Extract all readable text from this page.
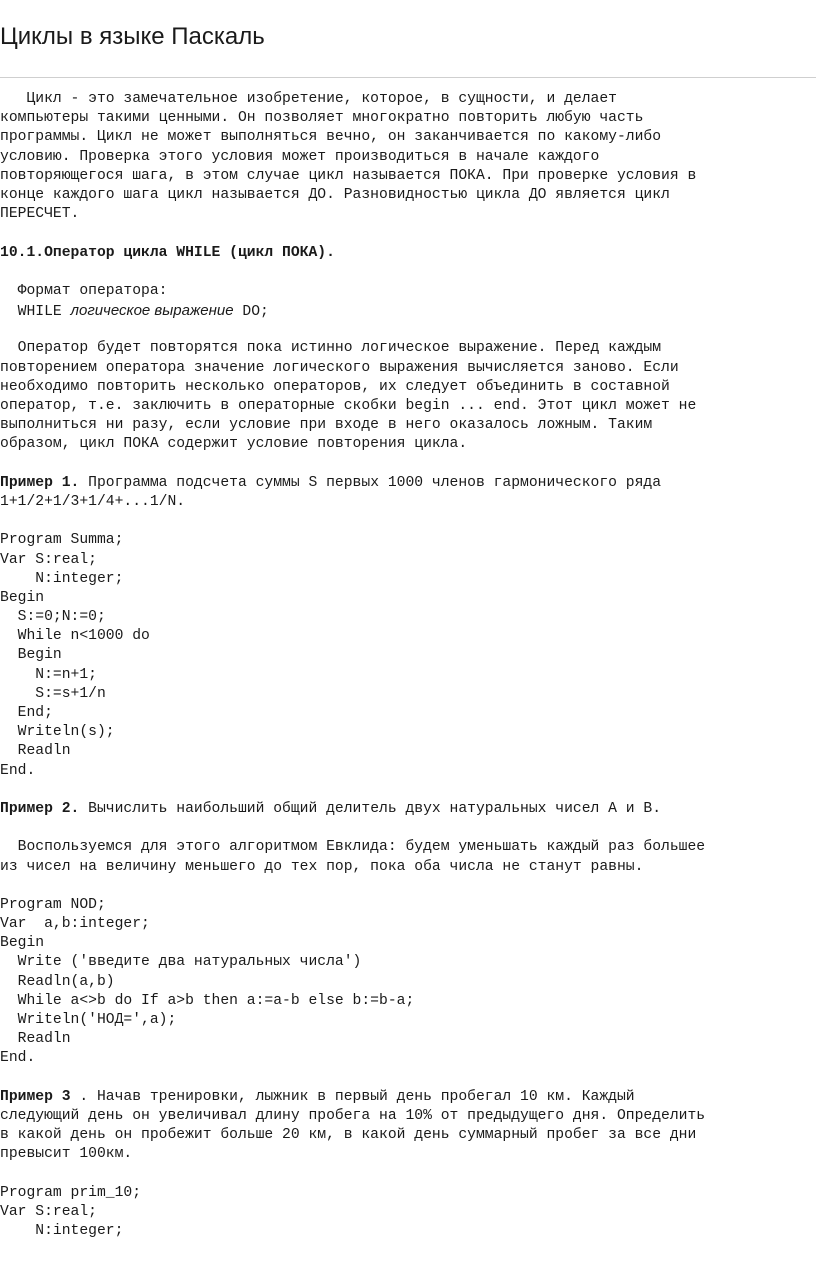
Циклы в языке Паскаль
Цикл - это замечательное изобретение, которое, в сущности, и делает
компьютеры такими ценными. Он позволяет многократно повторить любую часть
программы. Цикл не может выполняться вечно, он заканчивается по какому-либо
условию. Проверка этого условия может производиться в начале каждого
повторяющегося шага, в этом случае цикл называется ПОКА. При проверке условия в
конце каждого шага цикл называется ДО. Разновидностью цикла ДО является цикл
ПЕРЕСЧЕТ.
10.1.Оператор цикла WHILE (цикл ПОКА).
Формат оператора:
WHILE логическое выражение DO;
Оператор будет повторятся пока истинно логическое выражение. Перед каждым
повторением оператора значение логического выражения вычисляется заново. Если
необходимо повторить несколько операторов, их следует объединить в составной
оператор, т.е. заключить в операторные скобки begin ... end. Этот цикл может не
выполниться ни разу, если условие при входе в него оказалось ложным. Таким
образом, цикл ПОКА содержит условие повторения цикла.
Пример 1. Программа подсчета суммы S первых 1000 членов гармонического ряда
1+1/2+1/3+1/4+...1/N.
Program Summa;
Var S:real;
N:integer;
Begin
S:=0;N:=0;
While n<1000 do
Begin
N:=n+1;
S:=s+1/n
End;
Writeln(s);
Readln
End.
Пример 2. Вычислить наибольший общий делитель двух натуральных чисел A и B.
Воспользуемся для этого алгоритмом Евклида: будем уменьшать каждый раз большее
из чисел на величину меньшего до тех пор, пока оба числа не станут равны.
Program NOD;
Var  a,b:integer;
Begin
Write ('введите два натуральных числа')
Readln(a,b)
While a<>b do If a>b then a:=a-b else b:=b-a;
Writeln('НОД=',a);
Readln
End.
Пример 3 . Начав тренировки, лыжник в первый день пробегал 10 км. Каждый
следующий день он увеличивал длину пробега на 10% от предыдущего дня. Определить
в какой день он пробежит больше 20 км, в какой день суммарный пробег за все дни
превысит 100км.
Program prim_10;
Var S:real;
N:integer;
